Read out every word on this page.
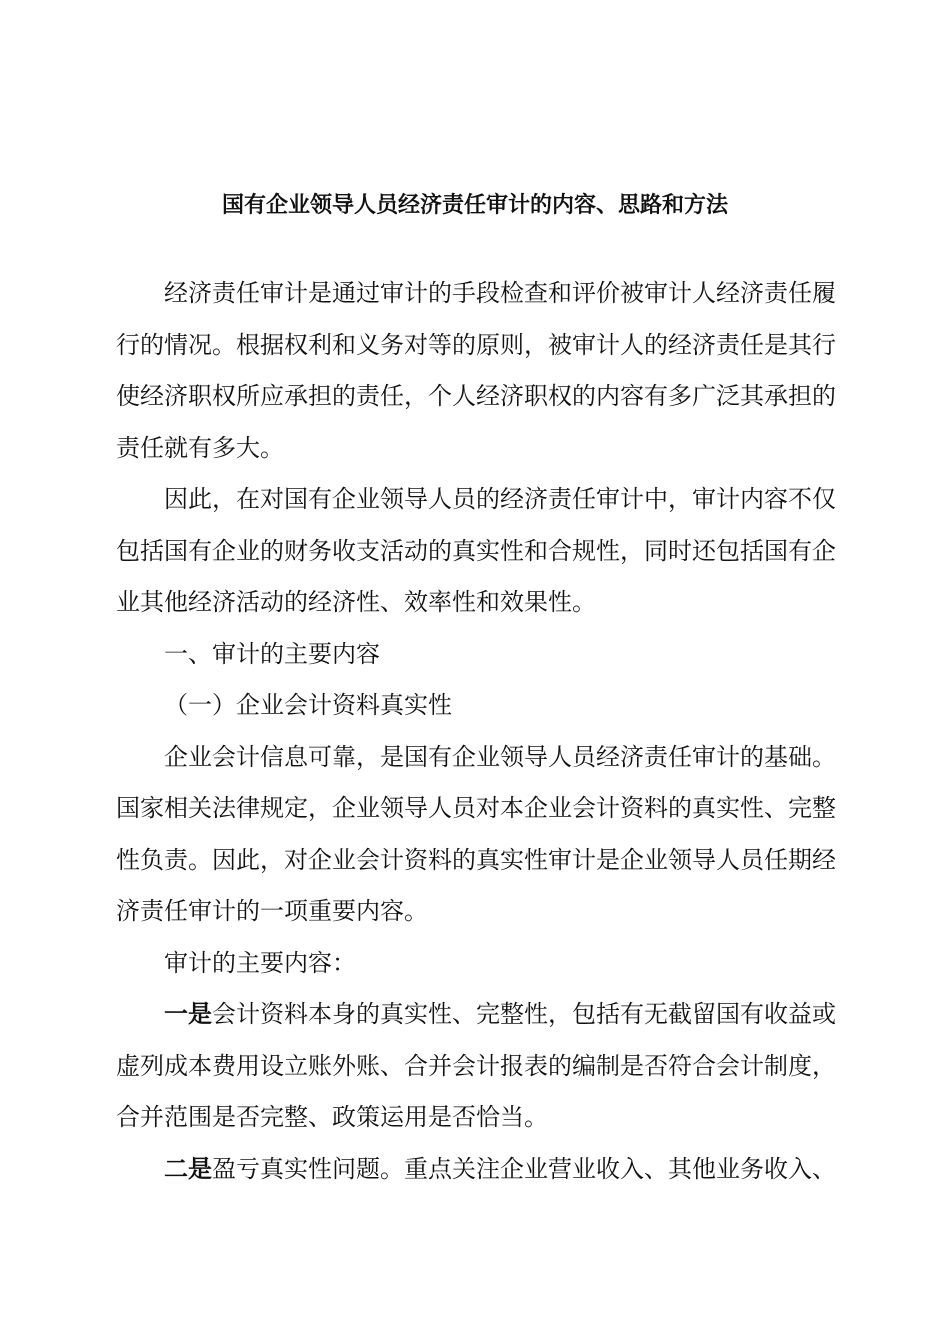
国有企业领导人员经济责任审计的内容、思路和方法

经济责任审计是通过审计的手段检查和评价被审计人经济责任履行的情况。根据权利和义务对等的原则，被审计人的经济责任是其行使经济职权所应承担的责任，个人经济职权的内容有多广泛其承担的责任就有多大。

因此，在对国有企业领导人员的经济责任审计中，审计内容不仅包括国有企业的财务收支活动的真实性和合规性，同时还包括国有企业其他经济活动的经济性、效率性和效果性。

一、审计的主要内容

（一）企业会计资料真实性

企业会计信息可靠，是国有企业领导人员经济责任审计的基础。国家相关法律规定，企业领导人员对本企业会计资料的真实性、完整性负责。因此，对企业会计资料的真实性审计是企业领导人员任期经济责任审计的一项重要内容。

审计的主要内容：

一是会计资料本身的真实性、完整性，包括有无截留国有收益或虚列成本费用设立账外账、合并会计报表的编制是否符合会计制度，合并范围是否完整、政策运用是否恰当。

二是盈亏真实性问题。重点关注企业营业收入、其他业务收入、
